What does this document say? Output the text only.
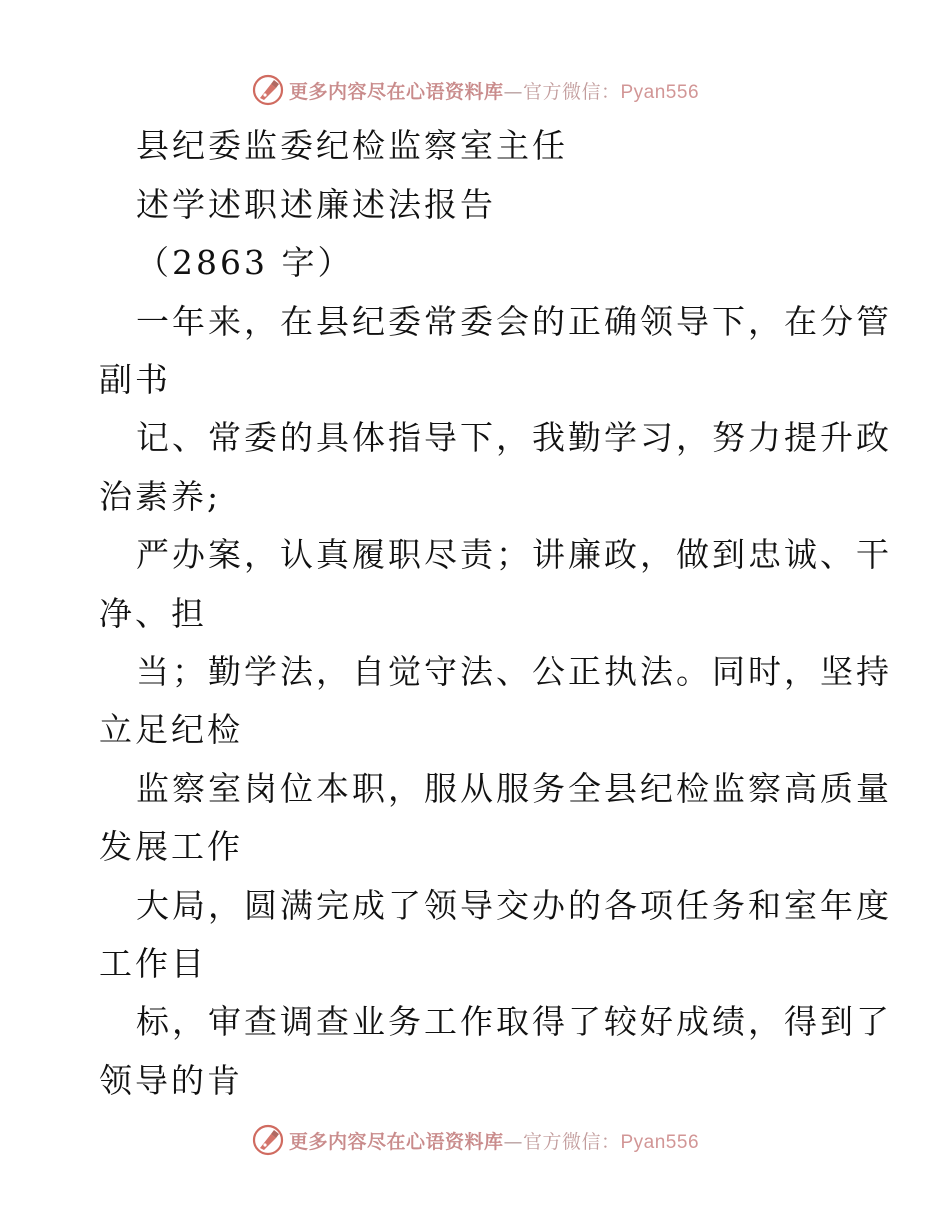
更多内容尽在心语资料库—官方微信：Pyan556
县纪委监委纪检监察室主任
述学述职述廉述法报告
（2863 字）
一年来，在县纪委常委会的正确领导下，在分管
副书
记、常委的具体指导下，我勤学习，努力提升政
治素养;
严办案，认真履职尽责；讲廉政，做到忠诚、干
净、担
当；勤学法，自觉守法、公正执法。同时，坚持
立足纪检
监察室岗位本职，服从服务全县纪检监察高质量
发展工作
大局，圆满完成了领导交办的各项任务和室年度
工作目
标，审查调查业务工作取得了较好成绩，得到了
领导的肯
更多内容尽在心语资料库—官方微信：Pyan556
